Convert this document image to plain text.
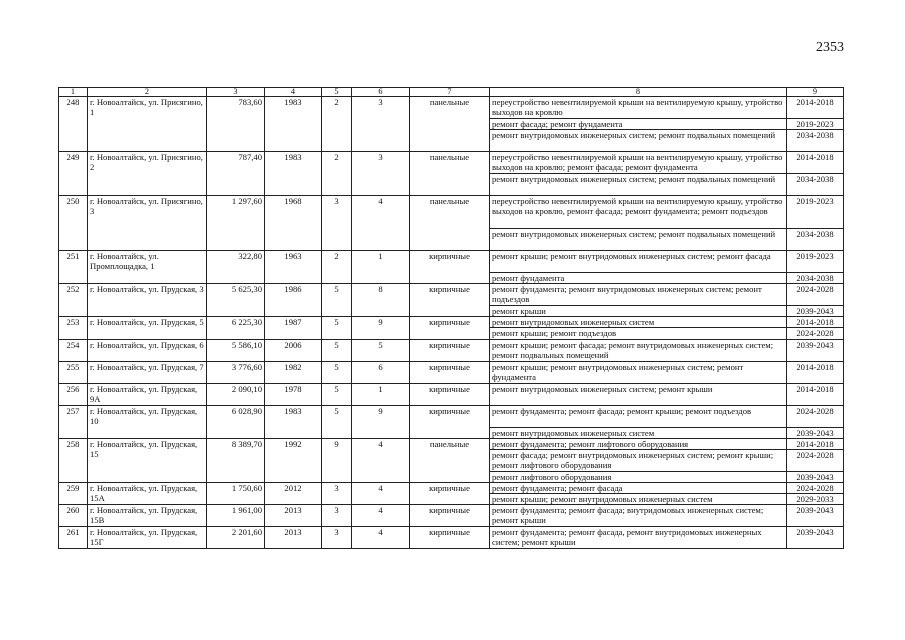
2353
1	2	3	4	5	6	7	8	9
248	г. Новоалтайск, ул. Присягино, 1	783,60	1983	2	3	панельные	переустройство невентилируемой крыши на вентилируемую крышу, утройство выходов на кровлю	2014-2018
							ремонт фасада; ремонт фундамента	2019-2023
							ремонт внутридомовых инженерных систем; ремонт подвальных помещений	2034-2038
249	г. Новоалтайск, ул. Присягино, 2	787,40	1983	2	3	панельные	переустройство невентилируемой крыши на вентилируемую крышу, утройство выходов на кровлю; ремонт фасада; ремонт фундамента	2014-2018
							ремонт внутридомовых инженерных систем; ремонт подвальных помещений	2034-2038
250	г. Новоалтайск, ул. Присягино, 3	1 297,60	1968	3	4	панельные	переустройство невентилируемой крыши на вентилируемую крышу, утройство выходов на кровлю, ремонт фасада; ремонт фундамента; ремонт подъездов	2019-2023
							ремонт внутридомовых инженерных систем; ремонт подвальных помещений	2034-2038
251	г. Новоалтайск, ул. Промплощадка, 1	322,80	1963	2	1	кирпичные	ремонт крыши; ремонт внутридомовых инженерных систем; ремонт фасада	2019-2023
							ремонт фундамента	2034-2038
252	г. Новоалтайск, ул. Прудская, 3	5 625,30	1986	5	8	кирпичные	ремонт фундамента; ремонт внутридомовых инженерных систем; ремонт подъездов	2024-2028
							ремонт крыши	2039-2043
253	г. Новоалтайск, ул. Прудская, 5	6 225,30	1987	5	9	кирпичные	ремонт внутридомовых инженерных систем	2014-2018
							ремонт крыши; ремонт подъездов	2024-2028
254	г. Новоалтайск, ул. Прудская, 6	5 586,10	2006	5	5	кирпичные	ремонт крыши; ремонт фасада; ремонт внутридомовых инженерных систем; ремонт подвальных помещений	2039-2043
255	г. Новоалтайск, ул. Прудская, 7	3 776,60	1982	5	6	кирпичные	ремонт крыши; ремонт внутридомовых инженерных систем; ремонт фундамента	2014-2018
256	г. Новоалтайск, ул. Прудская, 9А	2 090,10	1978	5	1	кирпичные	ремонт внутридомовых инженерных систем; ремонт крыши	2014-2018
257	г. Новоалтайск, ул. Прудская, 10	6 028,90	1983	5	9	кирпичные	ремонт фундамента; ремонт фасада; ремонт крыши; ремонт подъездов	2024-2028
							ремонт внутридомовых инженерных систем	2039-2043
258	г. Новоалтайск, ул. Прудская, 15	8 389,70	1992	9	4	панельные	ремонт фундамента; ремонт лифтового оборудования	2014-2018
							ремонт фасада; ремонт внутридомовых инженерных систем; ремонт крыши; ремонт лифтового оборудования	2024-2028
							ремонт лифтового оборудования	2039-2043
259	г. Новоалтайск, ул. Прудская, 15А	1 750,60	2012	3	4	кирпичные	ремонт фундамента; ремонт фасада	2024-2028
							ремонт крыши; ремонт внутридомовых инженерных систем	2029-2033
260	г. Новоалтайск, ул. Прудская, 15В	1 961,00	2013	3	4	кирпичные	ремонт фундамента; ремонт фасада; внутридомовых инженерных систем; ремонт крыши	2039-2043
261	г. Новоалтайск, ул. Прудская, 15Г	2 201,60	2013	3	4	кирпичные	ремонт фундамента; ремонт фасада, ремонт внутридомовых инженерных систем; ремонт крыши	2039-2043
